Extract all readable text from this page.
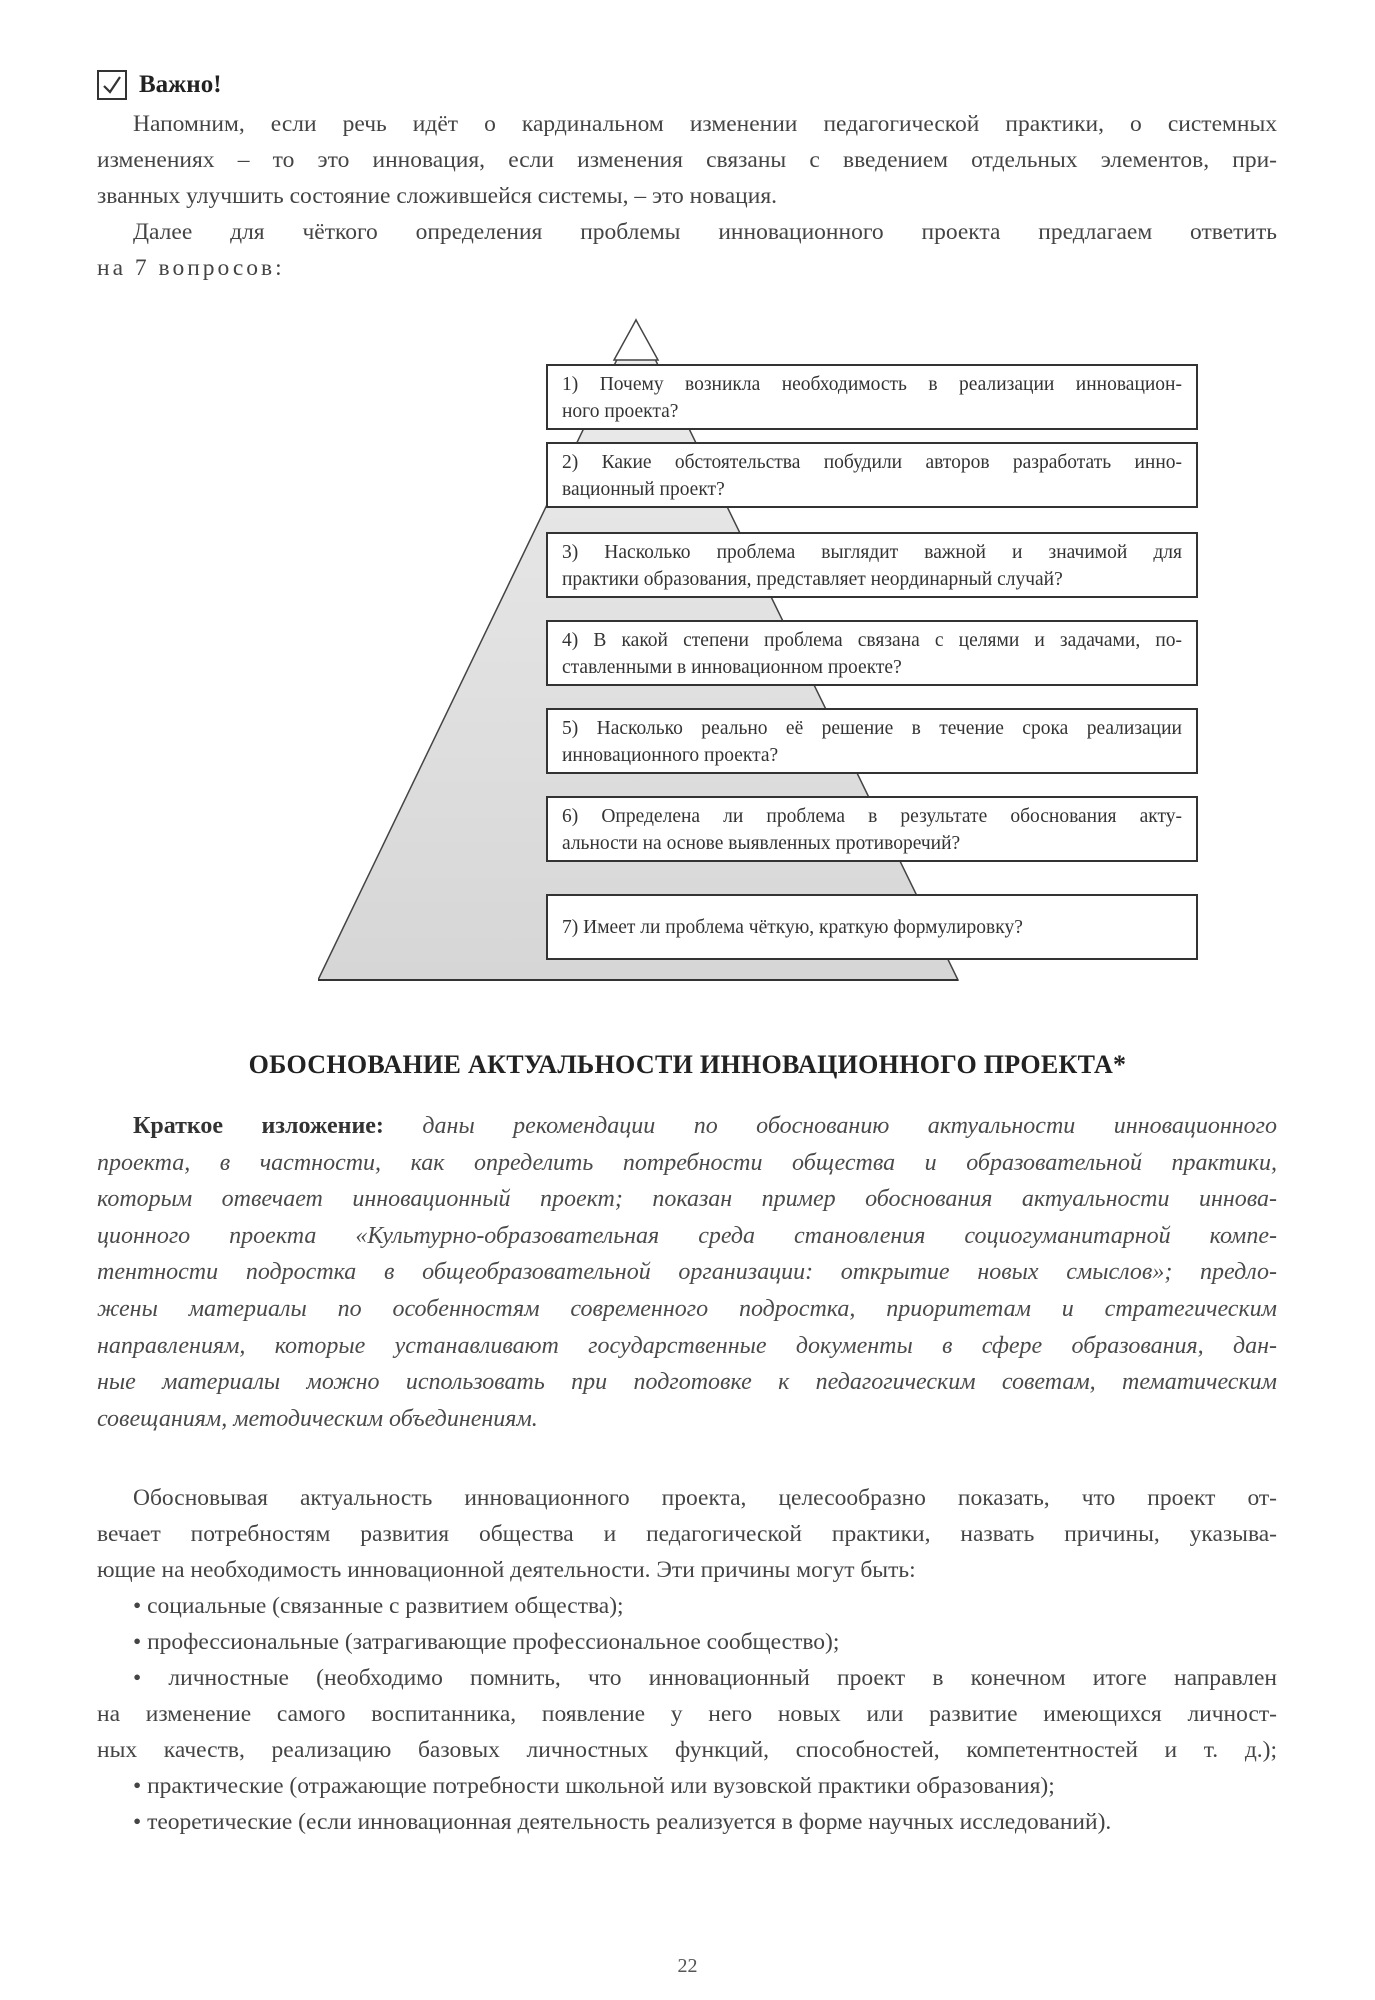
Важно!
Напомним, если речь идёт о кардинальном изменении педагогической практики, о системных
изменениях – то это инновация, если изменения связаны с введением отдельных элементов, при-
званных улучшить состояние сложившейся системы, – это новация.
Далее для чёткого определения проблемы инновационного проекта предлагаем ответить
на 7 вопросов:
1) Почему возникла необходимость в реализации инновацион-
ного проекта?
2) Какие обстоятельства побудили авторов разработать инно-
вационный проект?
3) Насколько проблема выглядит важной и значимой для
практики образования, представляет неординарный случай?
4) В какой степени проблема связана с целями и задачами, по-
ставленными в инновационном проекте?
5) Насколько реально её решение в течение срока реализации
инновационного проекта?
6) Определена ли проблема в результате обоснования акту-
альности на основе выявленных противоречий?
7) Имеет ли проблема чёткую, краткую формулировку?
ОБОСНОВАНИЕ АКТУАЛЬНОСТИ ИННОВАЦИОННОГО ПРОЕКТА*
Краткое изложение: даны рекомендации по обоснованию актуальности инновационного
проекта, в частности, как определить потребности общества и образовательной практики,
которым отвечает инновационный проект; показан пример обоснования актуальности иннова-
ционного проекта «Культурно-образовательная среда становления социогуманитарной компе-
тентности подростка в общеобразовательной организации: открытие новых смыслов»; предло-
жены материалы по особенностям современного подростка, приоритетам и стратегическим
направлениям, которые устанавливают государственные документы в сфере образования, дан-
ные материалы можно использовать при подготовке к педагогическим советам, тематическим
совещаниям, методическим объединениям.
Обосновывая актуальность инновационного проекта, целесообразно показать, что проект от-
вечает потребностям развития общества и педагогической практики, назвать причины, указыва-
ющие на необходимость инновационной деятельности. Эти причины могут быть:
• социальные (связанные с развитием общества);
• профессиональные (затрагивающие профессиональное сообщество);
• личностные (необходимо помнить, что инновационный проект в конечном итоге направлен
на изменение самого воспитанника, появление у него новых или развитие имеющихся личност-
ных качеств, реализацию базовых личностных функций, способностей, компетентностей и т. д.);
• практические (отражающие потребности школьной или вузовской практики образования);
• теоретические (если инновационная деятельность реализуется в форме научных исследований).
22
